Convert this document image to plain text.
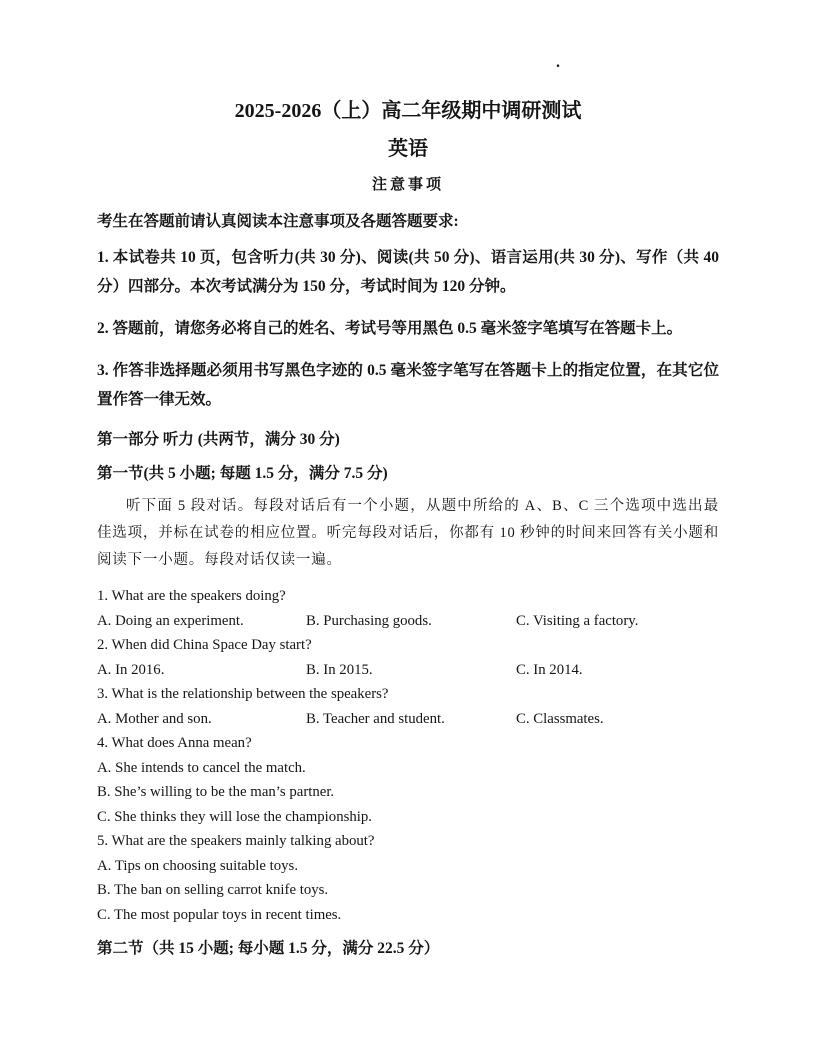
.
2025-2026（上）高二年级期中调研测试
英语
注意事项

考生在答题前请认真阅读本注意事项及各题答题要求:

1. 本试卷共 10 页，包含听力(共 30 分)、阅读(共 50 分)、语言运用(共 30 分)、写作（共 40 分）四部分。本次考试满分为 150 分，考试时间为 120 分钟。

2. 答题前，请您务必将自己的姓名、考试号等用黑色 0.5 毫米签字笔填写在答题卡上。

3. 作答非选择题必须用书写黑色字迹的 0.5 毫米签字笔写在答题卡上的指定位置，在其它位置作答一律无效。

第一部分 听力 (共两节，满分 30 分)

第一节(共 5 小题; 每题 1.5 分，满分 7.5 分)

听下面 5 段对话。每段对话后有一个小题，从题中所给的 A、B、C 三个选项中选出最佳选项，并标在试卷的相应位置。听完每段对话后，你都有 10 秒钟的时间来回答有关小题和阅读下一小题。每段对话仅读一遍。

1. What are the speakers doing?
A. Doing an experiment.	B. Purchasing goods.	C. Visiting a factory.
2. When did China Space Day start?
A. In 2016.	B. In 2015.	C. In 2014.
3. What is the relationship between the speakers?
A. Mother and son.	B. Teacher and student.	C. Classmates.
4. What does Anna mean?
A. She intends to cancel the match.
B. She’s willing to be the man’s partner.
C. She thinks they will lose the championship.
5. What are the speakers mainly talking about?
A. Tips on choosing suitable toys.
B. The ban on selling carrot knife toys.
C. The most popular toys in recent times.

第二节（共 15 小题; 每小题 1.5 分，满分 22.5 分）
